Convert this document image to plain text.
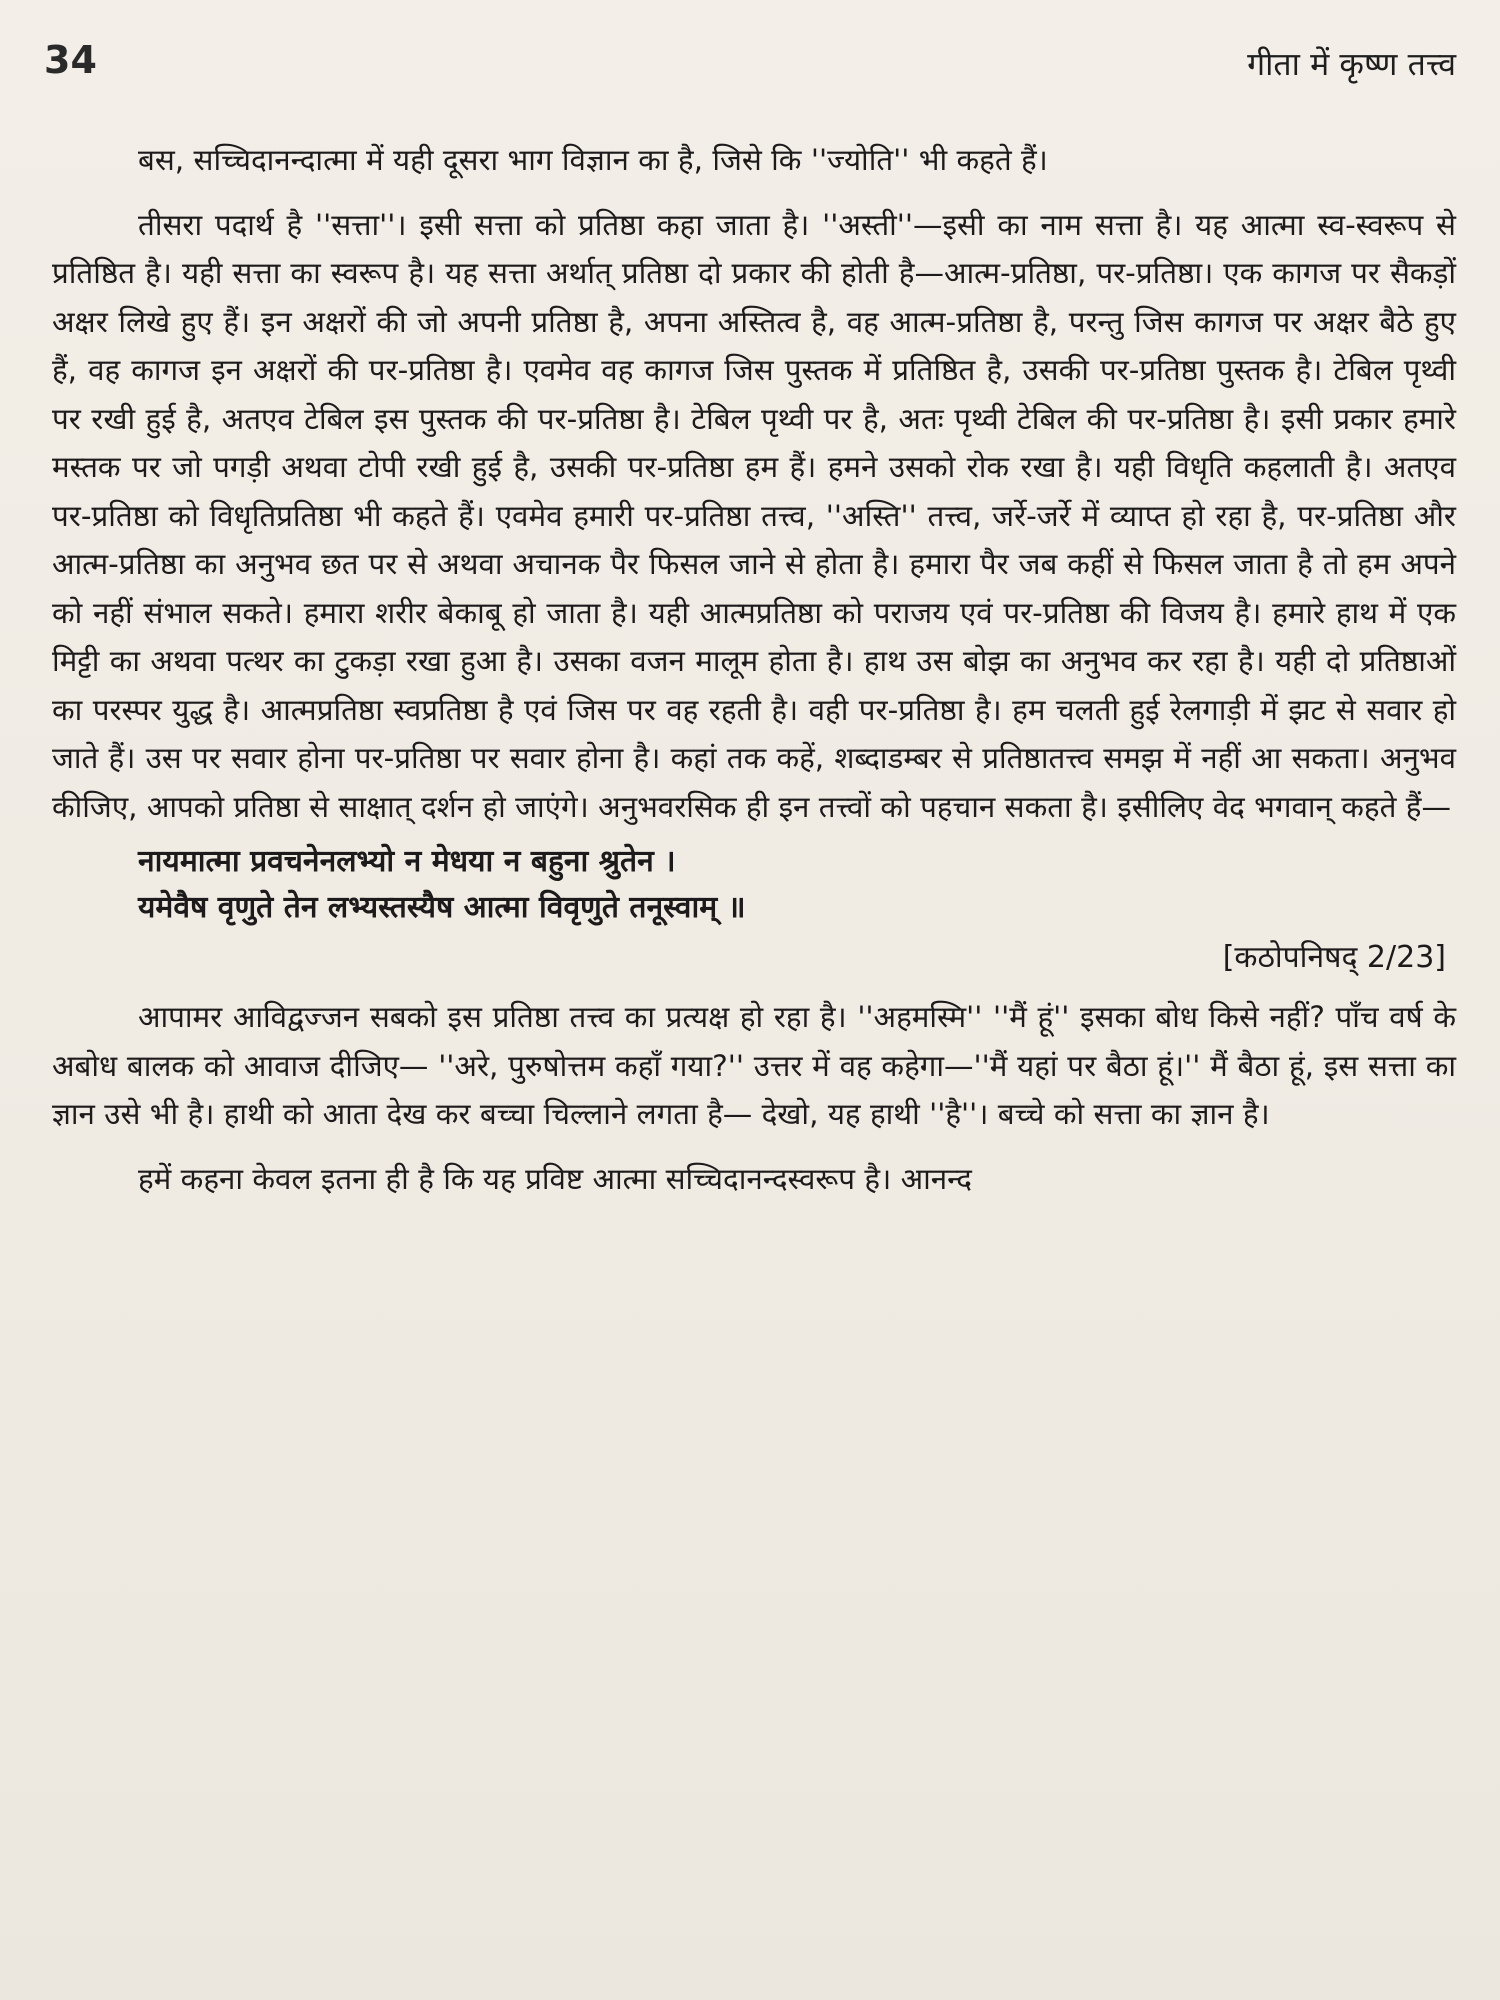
34	गीता में कृष्ण तत्त्व

बस, सच्चिदानन्दात्मा में यही दूसरा भाग विज्ञान का है, जिसे कि ''ज्योति'' भी कहते हैं।

तीसरा पदार्थ है ''सत्ता''। इसी सत्ता को प्रतिष्ठा कहा जाता है। ''अस्ती''—इसी का नाम सत्ता है। यह आत्मा स्व-स्वरूप से प्रतिष्ठित है। यही सत्ता का स्वरूप है। यह सत्ता अर्थात् प्रतिष्ठा दो प्रकार की होती है—आत्म-प्रतिष्ठा, पर-प्रतिष्ठा। एक कागज पर सैकड़ों अक्षर लिखे हुए हैं। इन अक्षरों की जो अपनी प्रतिष्ठा है, अपना अस्तित्व है, वह आत्म-प्रतिष्ठा है, परन्तु जिस कागज पर अक्षर बैठे हुए हैं, वह कागज इन अक्षरों की पर-प्रतिष्ठा है। एवमेव वह कागज जिस पुस्तक में प्रतिष्ठित है, उसकी पर-प्रतिष्ठा पुस्तक है। टेबिल पृथ्वी पर रखी हुई है, अतएव टेबिल इस पुस्तक की पर-प्रतिष्ठा है। टेबिल पृथ्वी पर है, अतः पृथ्वी टेबिल की पर-प्रतिष्ठा है। इसी प्रकार हमारे मस्तक पर जो पगड़ी अथवा टोपी रखी हुई है, उसकी पर-प्रतिष्ठा हम हैं। हमने उसको रोक रखा है। यही विधृति कहलाती है। अतएव पर-प्रतिष्ठा को विधृतिप्रतिष्ठा भी कहते हैं। एवमेव हमारी पर-प्रतिष्ठा तत्त्व, ''अस्ति'' तत्त्व, जर्रे-जर्रे में व्याप्त हो रहा है, पर-प्रतिष्ठा और आत्म-प्रतिष्ठा का अनुभव छत पर से अथवा अचानक पैर फिसल जाने से होता है। हमारा पैर जब कहीं से फिसल जाता है तो हम अपने को नहीं संभाल सकते। हमारा शरीर बेकाबू हो जाता है। यही आत्मप्रतिष्ठा को पराजय एवं पर-प्रतिष्ठा की विजय है। हमारे हाथ में एक मिट्टी का अथवा पत्थर का टुकड़ा रखा हुआ है। उसका वजन मालूम होता है। हाथ उस बोझ का अनुभव कर रहा है। यही दो प्रतिष्ठाओं का परस्पर युद्ध है। आत्मप्रतिष्ठा स्वप्रतिष्ठा है एवं जिस पर वह रहती है। वही पर-प्रतिष्ठा है। हम चलती हुई रेलगाड़ी में झट से सवार हो जाते हैं। उस पर सवार होना पर-प्रतिष्ठा पर सवार होना है। कहां तक कहें, शब्दाडम्बर से प्रतिष्ठातत्त्व समझ में नहीं आ सकता। अनुभव कीजिए, आपको प्रतिष्ठा से साक्षात् दर्शन हो जाएंगे। अनुभवरसिक ही इन तत्त्वों को पहचान सकता है। इसीलिए वेद भगवान् कहते हैं—

नायमात्मा प्रवचनेनलभ्यो न मेधया न बहुना श्रुतेन ।
यमेवैष वृणुते तेन लभ्यस्तस्यैष आत्मा विवृणुते तनूस्वाम् ॥
[कठोपनिषद् 2/23]

आपामर आविद्वज्जन सबको इस प्रतिष्ठा तत्त्व का प्रत्यक्ष हो रहा है। ''अहमस्मि'' ''मैं हूं'' इसका बोध किसे नहीं? पाँच वर्ष के अबोध बालक को आवाज दीजिए— ''अरे, पुरुषोत्तम कहाँ गया?'' उत्तर में वह कहेगा—''मैं यहां पर बैठा हूं।'' मैं बैठा हूं, इस सत्ता का ज्ञान उसे भी है। हाथी को आता देख कर बच्चा चिल्लाने लगता है— देखो, यह हाथी ''है''। बच्चे को सत्ता का ज्ञान है।

हमें कहना केवल इतना ही है कि यह प्रविष्ट आत्मा सच्चिदानन्दस्वरूप है। आनन्द
